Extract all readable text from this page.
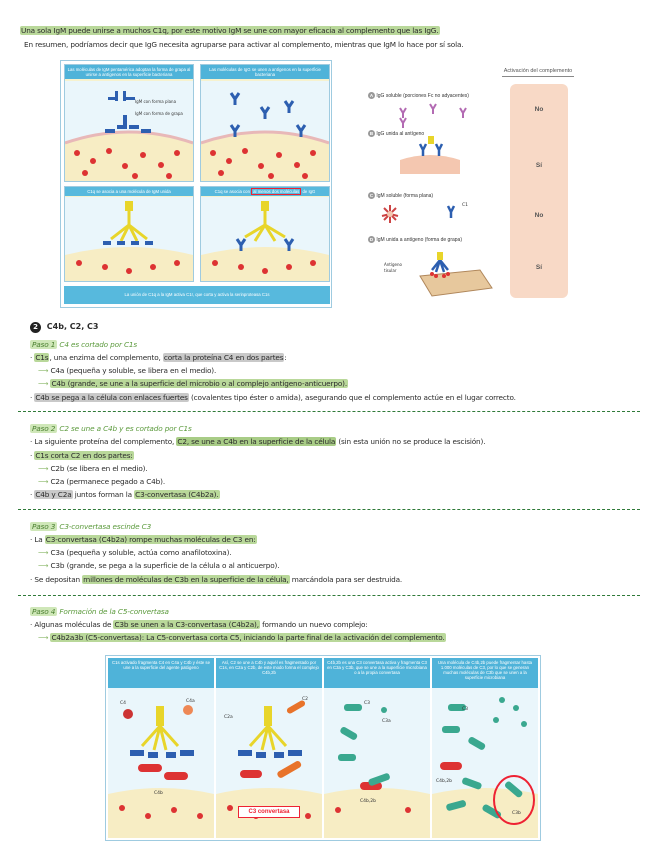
Una sola IgM puede unirse a muchos C1q, por este motivo IgM se une con mayor eficacia al complemento que las IgG.
En resumen, podríamos decir que IgG necesita agruparse para activar al complemento, mientras que IgM lo hace por sí sola.
Las moléculas de IgM pentamérica adoptan la forma de grapa al unirse a antígenos en la superficie bacteriana
IgM con forma plana
IgM con forma de grapa
Las moléculas de IgG se unen a antígenos en la superficie bacteriana
C1q se asocia a una molécula de IgM unida	C1q se asocia con al menos dos moléculas de IgG
La unión de C1q a la IgM activa C1r, que corta y activa la serinproteasa C1s
Activación del complemento
A IgG soluble (porciones Fc no adyacentes)
No
B IgG unida al antígeno
Sí
C IgM soluble (forma plana)
No
D IgM unida a antígeno (forma de grapa)
Sí
C1
Antígeno
tisular
2 C4b, C2, C3
Paso 1 C4 es cortado por C1s
· C1s, una enzima del complemento, corta la proteína C4 en dos partes:
⟶ C4a (pequeña y soluble, se libera en el medio).
⟶ C4b (grande, se une a la superficie del microbio o al complejo antígeno-anticuerpo).
· C4b se pega a la célula con enlaces fuertes (covalentes tipo éster o amida), asegurando que el complemento actúe en el lugar correcto.
Paso 2 C2 se une a C4b y es cortado por C1s
· La siguiente proteína del complemento, C2, se une a C4b en la superficie de la célula (sin esta unión no se produce la escisión).
· C1s corta C2 en dos partes:
⟶ C2b (se libera en el medio).
⟶ C2a (permanece pegado a C4b).
· C4b y C2a juntos forman la C3-convertasa (C4b2a).
Paso 3 C3-convertasa escinde C3
· La C3-convertasa (C4b2a) rompe muchas moléculas de C3 en:
⟶ C3a (pequeña y soluble, actúa como anafilotoxina).
⟶ C3b (grande, se pega a la superficie de la célula o al anticuerpo).
· Se depositan millones de moléculas de C3b en la superficie de la célula, marcándola para ser destruida.
Paso 4 Formación de la C5-convertasa
· Algunas moléculas de C3b se unen a la C3-convertasa (C4b2a), formando un nuevo complejo:
⟶ C4b2a3b (C5-convertasa): La C5-convertasa corta C5, iniciando la parte final de la activación del complemento.
C1s activado fragmenta C4 en C4a y C4b y éste se une a la superficie del agente patógeno
C4a
C4
C4b
Así, C2 se une a C4b y aquél es fragmentado por C1s, en C2a y C2b, de este modo forma el complejo C4b,2b
C2
C2a
C3 convertasa
C4b,2b es una C3 convertasa activa y fragmenta C3 en C3a y C3b, que se une a la superficie microbiana o a la propia convertasa
C3
C3a
C4b,2b
Una molécula de C4b,2b puede fragmentar hasta 1.000 moléculas de C3, por lo que se generan muchas moléculas de C3b que se unen a la superficie microbiana
C3
C4b,2b
C3b
